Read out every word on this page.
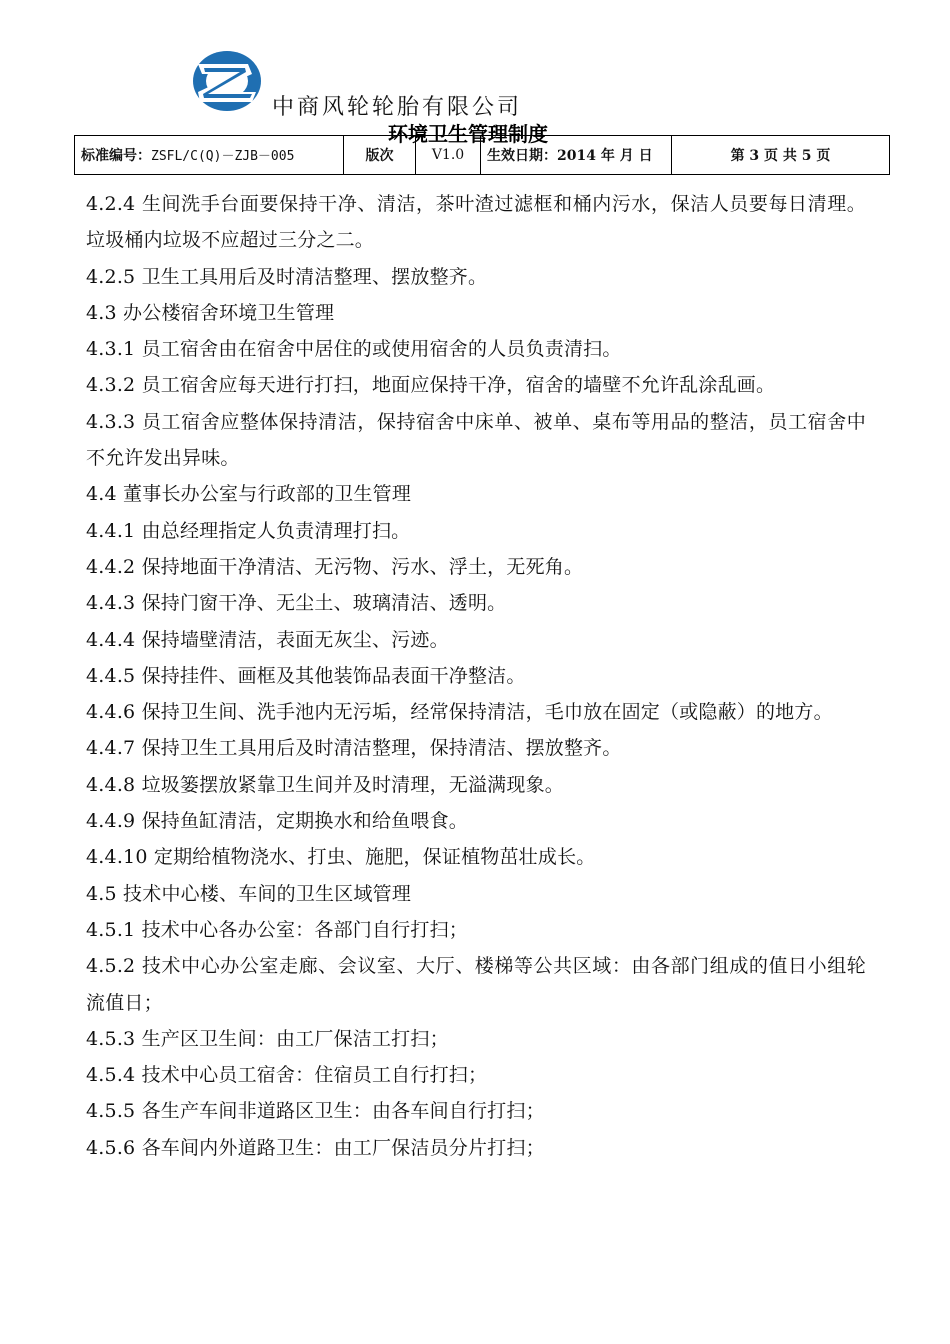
中商风轮轮胎有限公司
环境卫生管理制度
标准编号：ZSFL/C(Q)－ZJB－005	版次	V1.0	生效日期：2014 年 月 日	第 3 页 共 5 页

4.2.4 生间洗手台面要保持干净、清洁，茶叶渣过滤框和桶内污水，保洁人员要每日清理。垃圾桶内垃圾不应超过三分之二。

4.2.5 卫生工具用后及时清洁整理、摆放整齐。

4.3 办公楼宿舍环境卫生管理

4.3.1 员工宿舍由在宿舍中居住的或使用宿舍的人员负责清扫。

4.3.2 员工宿舍应每天进行打扫，地面应保持干净，宿舍的墙壁不允许乱涂乱画。

4.3.3 员工宿舍应整体保持清洁，保持宿舍中床单、被单、桌布等用品的整洁，员工宿舍中不允许发出异味。

4.4 董事长办公室与行政部的卫生管理

4.4.1 由总经理指定人负责清理打扫。

4.4.2 保持地面干净清洁、无污物、污水、浮土，无死角。

4.4.3 保持门窗干净、无尘土、玻璃清洁、透明。

4.4.4 保持墙壁清洁，表面无灰尘、污迹。

4.4.5 保持挂件、画框及其他装饰品表面干净整洁。

4.4.6 保持卫生间、洗手池内无污垢，经常保持清洁，毛巾放在固定（或隐蔽）的地方。

4.4.7 保持卫生工具用后及时清洁整理，保持清洁、摆放整齐。

4.4.8 垃圾篓摆放紧靠卫生间并及时清理，无溢满现象。

4.4.9 保持鱼缸清洁，定期换水和给鱼喂食。

4.4.10 定期给植物浇水、打虫、施肥，保证植物茁壮成长。

4.5 技术中心楼、车间的卫生区域管理

4.5.1 技术中心各办公室：各部门自行打扫；

4.5.2 技术中心办公室走廊、会议室、大厅、楼梯等公共区域：由各部门组成的值日小组轮流值日；

4.5.3 生产区卫生间：由工厂保洁工打扫；

4.5.4 技术中心员工宿舍：住宿员工自行打扫；

4.5.5 各生产车间非道路区卫生：由各车间自行打扫；

4.5.6 各车间内外道路卫生：由工厂保洁员分片打扫；
